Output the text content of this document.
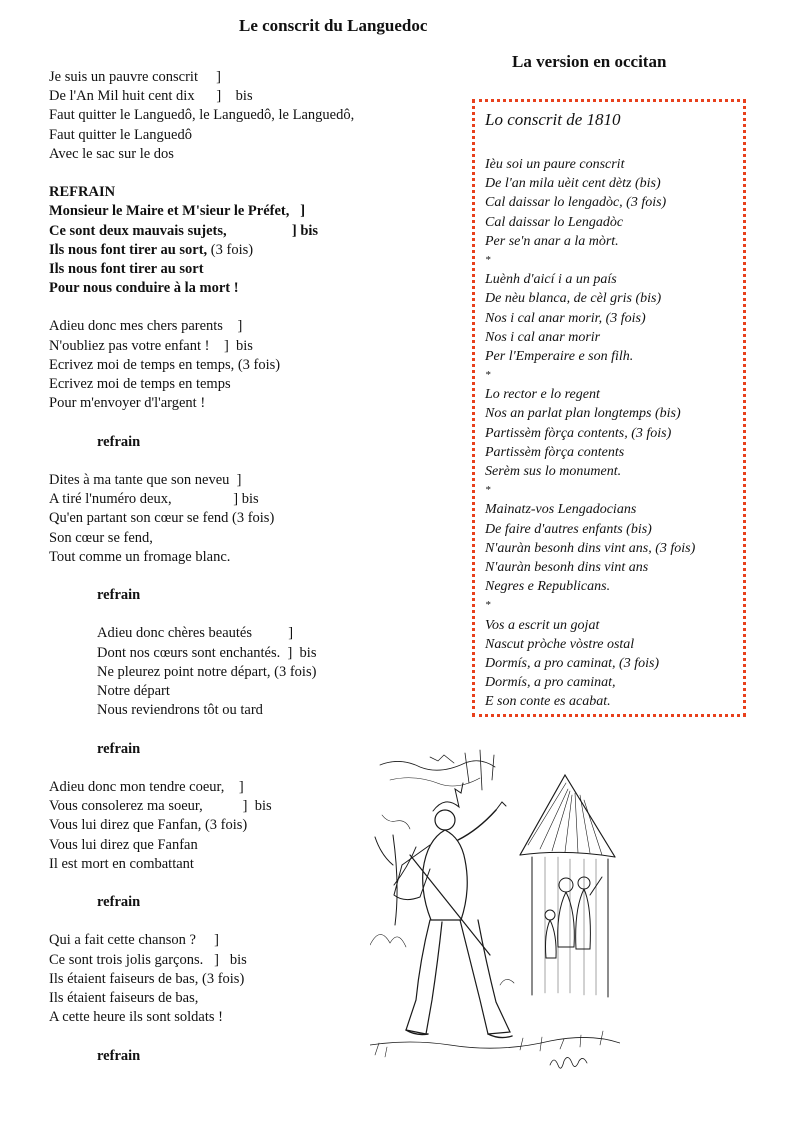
Le conscrit du Languedoc
La version en occitan
Je suis un pauvre conscrit     ]
De l'An Mil huit cent dix      ]    bis
Faut quitter le Languedô, le Languedô, le Languedô,
Faut quitter le Languedô
Avec le sac sur le dos
REFRAIN
Monsieur le Maire et M'sieur le Préfet,   ]
Ce sont deux mauvais sujets,                  ] bis
Ils nous font tirer au sort, (3 fois)
Ils nous font tirer au sort
Pour nous conduire à la mort !
Adieu donc mes chers parents    ]
N'oubliez pas votre enfant !    ]  bis
Ecrivez moi de temps en temps, (3 fois)
Ecrivez moi de temps en temps
Pour m'envoyer d'l'argent !
refrain
Dites à ma tante que son neveu  ]
A tiré l'numéro deux,                 ] bis
Qu'en partant son cœur se fend (3 fois)
Son cœur se fend,
Tout comme un fromage blanc.
refrain
Adieu donc chères beautés          ]
Dont nos cœurs sont enchantés.  ]  bis
Ne pleurez point notre départ, (3 fois)
Notre départ
Nous reviendrons tôt ou tard
refrain
Adieu donc mon tendre coeur,    ]
Vous consolerez ma soeur,           ]  bis
Vous lui direz que Fanfan, (3 fois)
Vous lui direz que Fanfan
Il est mort en combattant
refrain
Qui a fait cette chanson ?     ]
Ce sont trois jolis garçons.   ]   bis
Ils étaient faiseurs de bas, (3 fois)
Ils étaient faiseurs de bas,
A cette heure ils sont soldats !
refrain
Lo conscrit de 1810
Ièu soi un paure conscrit
De l'an mila uèit cent dètz (bis)
Cal daissar lo lengadòc, (3 fois)
Cal daissar lo Lengadòc
Per se'n anar a la mòrt.
*
Luènh d'aicí i a un país
De nèu blanca, de cèl gris (bis)
Nos i cal anar morir, (3 fois)
Nos i cal anar morir
Per l'Emperaire e son filh.
*
Lo rector e lo regent
Nos an parlat plan longtemps (bis)
Partissèm fòrça contents, (3 fois)
Partissèm fòrça contents
Serèm sus lo monument.
*
Mainatz-vos Lengadocians
De faire d'autres enfants (bis)
N'auràn besonh dins vint ans, (3 fois)
N'auràn besonh dins vint ans
Negres e Republicans.
*
Vos a escrit un gojat
Nascut pròche vòstre ostal
Dormís, a pro caminat, (3 fois)
Dormís, a pro caminat,
E son conte es acabat.
